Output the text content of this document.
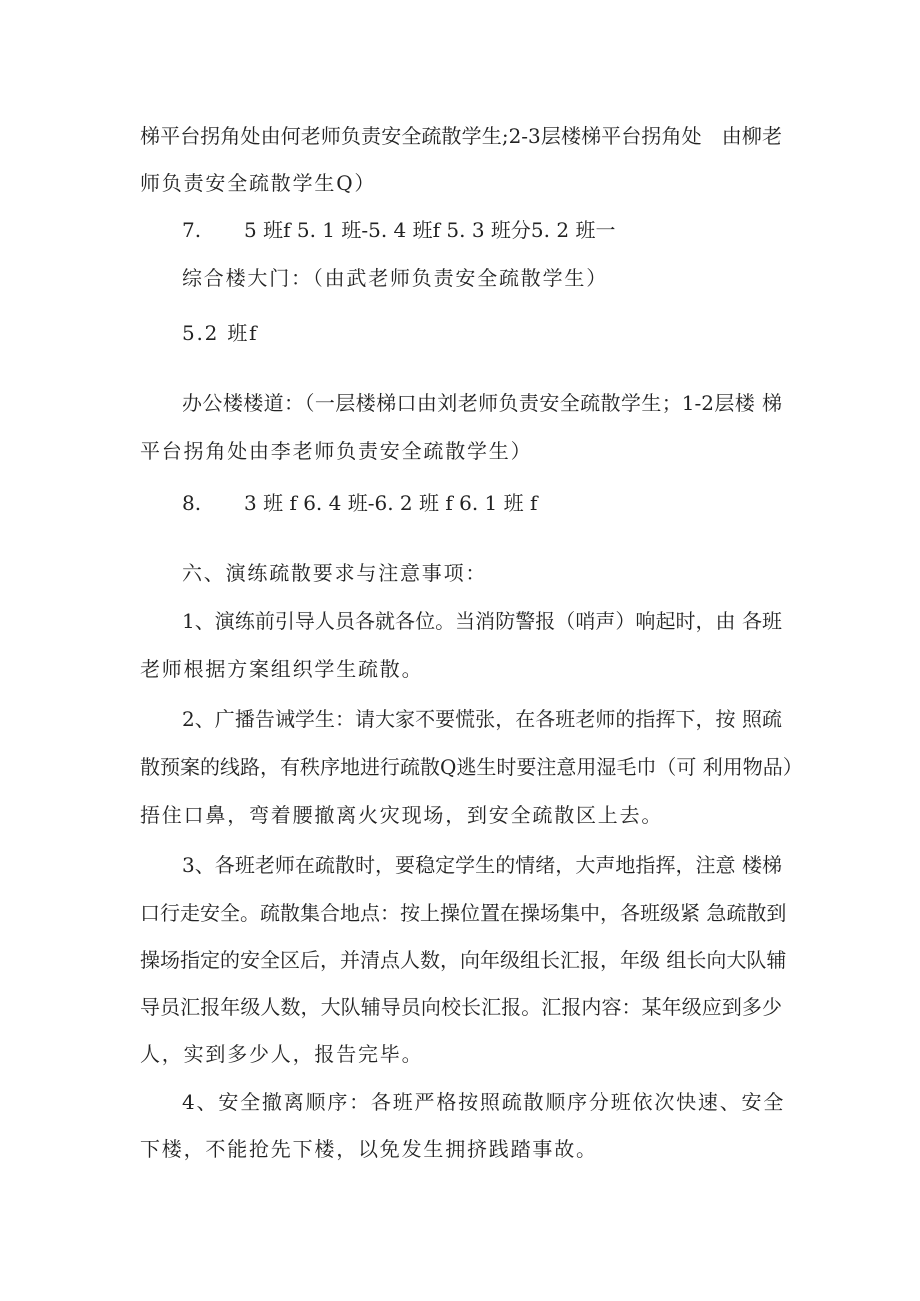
梯平台拐角处由何老师负责安全疏散学生;2-3层楼梯平台拐角处　由柳老
师负责安全疏散学生Q）
7. 5 班f 5. 1 班-5. 4 班f 5. 3 班分5. 2 班一
综合楼大门：（由武老师负责安全疏散学生）
5.2 班f
办公楼楼道：（一层楼梯口由刘老师负责安全疏散学生；1-2层楼 梯
平台拐角处由李老师负责安全疏散学生）
8. 3 班 f 6. 4 班-6. 2 班 f 6. 1 班 f
六、演练疏散要求与注意事项：
1、演练前引导人员各就各位。当消防警报（哨声）响起时，由 各班
老师根据方案组织学生疏散。
2、广播告诫学生：请大家不要慌张，在各班老师的指挥下，按 照疏
散预案的线路，有秩序地进行疏散Q逃生时要注意用湿毛巾（可 利用物品）
捂住口鼻，弯着腰撤离火灾现场，到安全疏散区上去。
3、各班老师在疏散时，要稳定学生的情绪，大声地指挥，注意 楼梯
口行走安全。疏散集合地点：按上操位置在操场集中，各班级紧 急疏散到
操场指定的安全区后，并清点人数，向年级组长汇报，年级 组长向大队辅
导员汇报年级人数，大队辅导员向校长汇报。汇报内容：某年级应到多少
人，实到多少人，报告完毕。
4、安全撤离顺序：各班严格按照疏散顺序分班依次快速、安全
下楼，不能抢先下楼，以免发生拥挤践踏事故。
